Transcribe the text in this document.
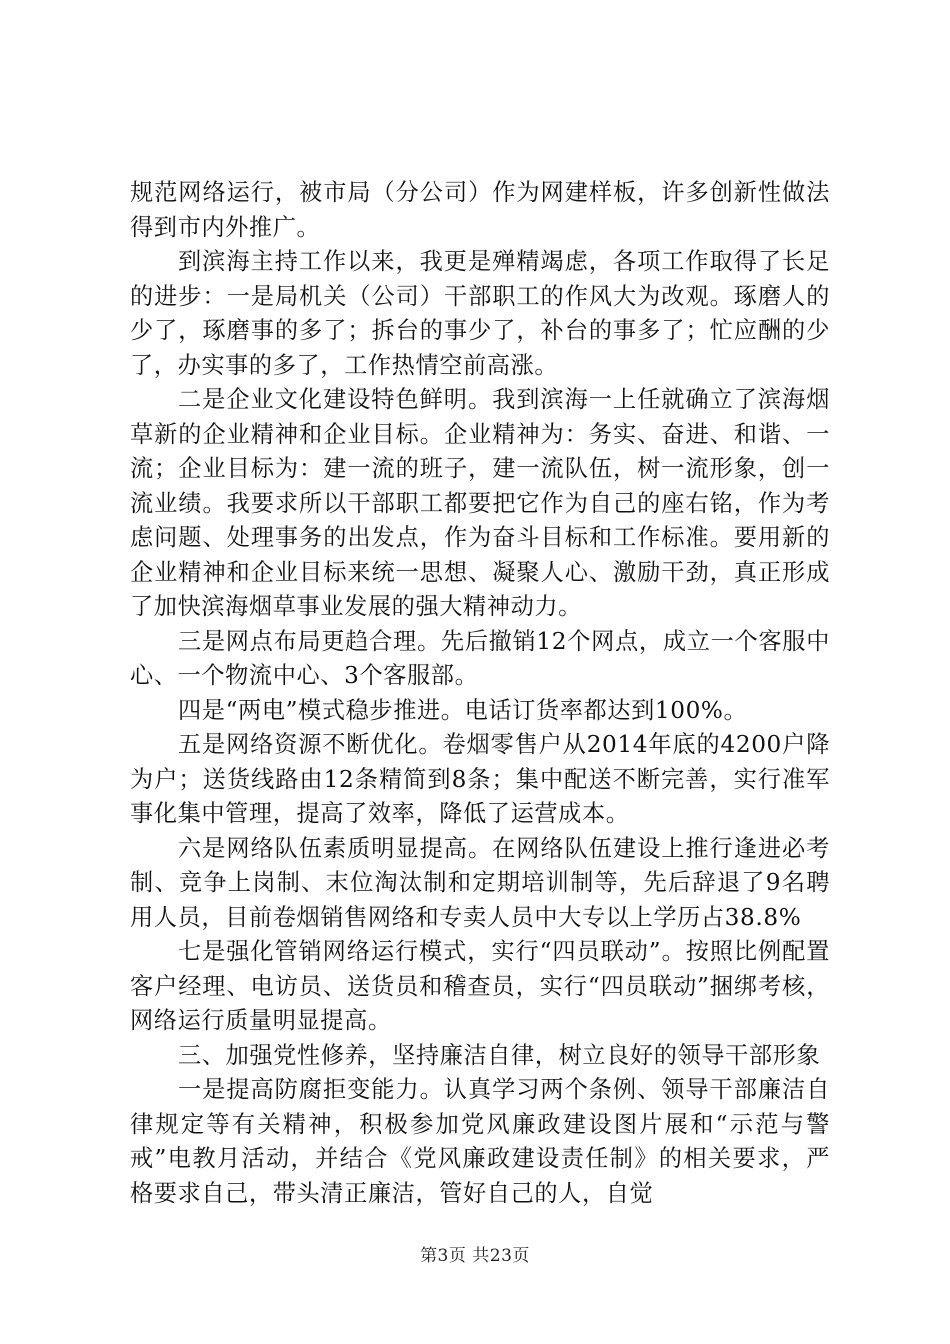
规范网络运行，被市局（分公司）作为网建样板，许多创新性做法得到市内外推广。

到滨海主持工作以来，我更是殚精竭虑，各项工作取得了长足的进步：一是局机关（公司）干部职工的作风大为改观。琢磨人的少了，琢磨事的多了；拆台的事少了，补台的事多了；忙应酬的少了，办实事的多了，工作热情空前高涨。

二是企业文化建设特色鲜明。我到滨海一上任就确立了滨海烟草新的企业精神和企业目标。企业精神为：务实、奋进、和谐、一流；企业目标为：建一流的班子，建一流队伍，树一流形象，创一流业绩。我要求所以干部职工都要把它作为自己的座右铭，作为考虑问题、处理事务的出发点，作为奋斗目标和工作标准。要用新的企业精神和企业目标来统一思想、凝聚人心、激励干劲，真正形成了加快滨海烟草事业发展的强大精神动力。

三是网点布局更趋合理。先后撤销12个网点，成立一个客服中心、一个物流中心、3个客服部。

四是“两电”模式稳步推进。电话订货率都达到100%。

五是网络资源不断优化。卷烟零售户从2014年底的4200户降为户；送货线路由12条精简到8条；集中配送不断完善，实行准军事化集中管理，提高了效率，降低了运营成本。

六是网络队伍素质明显提高。在网络队伍建设上推行逢进必考制、竞争上岗制、末位淘汰制和定期培训制等，先后辞退了9名聘用人员，目前卷烟销售网络和专卖人员中大专以上学历占38.8%

七是强化管销网络运行模式，实行“四员联动”。按照比例配置客户经理、电访员、送货员和稽查员，实行“四员联动”捆绑考核，网络运行质量明显提高。

三、加强党性修养，坚持廉洁自律，树立良好的领导干部形象

一是提高防腐拒变能力。认真学习两个条例、领导干部廉洁自律规定等有关精神，积极参加党风廉政建设图片展和“示范与警戒”电教月活动，并结合《党风廉政建设责任制》的相关要求，严格要求自己，带头清正廉洁，管好自己的人，自觉

第3页 共23页
